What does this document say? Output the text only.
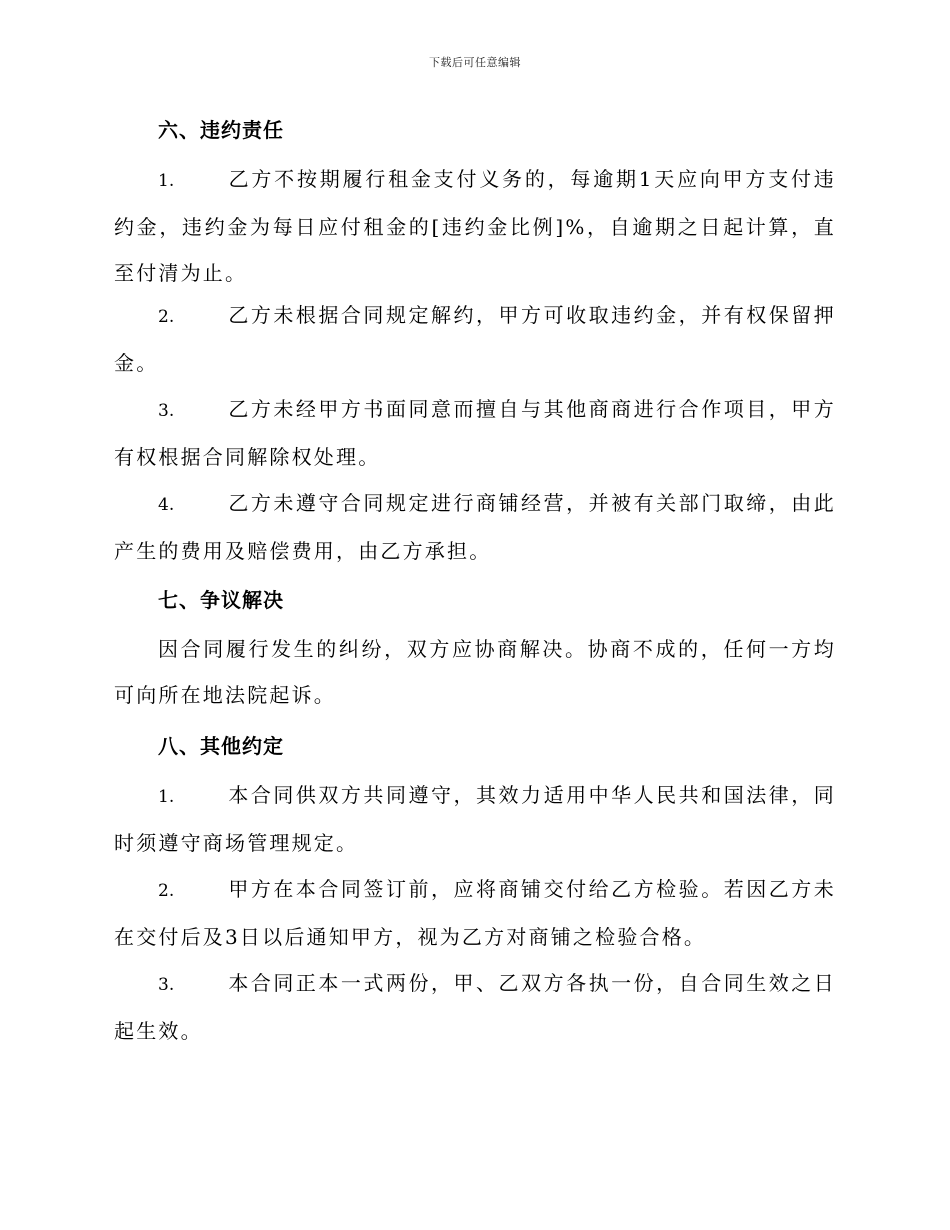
下载后可任意编辑
六、违约责任
1.	乙方不按期履行租金支付义务的，每逾期1天应向甲方支付违约金，违约金为每日应付租金的[违约金比例]%，自逾期之日起计算，直至付清为止。
2.	乙方未根据合同规定解约，甲方可收取违约金，并有权保留押金。
3.	乙方未经甲方书面同意而擅自与其他商商进行合作项目，甲方有权根据合同解除权处理。
4.	乙方未遵守合同规定进行商铺经营，并被有关部门取缔，由此产生的费用及赔偿费用，由乙方承担。
七、争议解决
因合同履行发生的纠纷，双方应协商解决。协商不成的，任何一方均可向所在地法院起诉。
八、其他约定
1.	本合同供双方共同遵守，其效力适用中华人民共和国法律，同时须遵守商场管理规定。
2.	甲方在本合同签订前，应将商铺交付给乙方检验。若因乙方未在交付后及3日以后通知甲方，视为乙方对商铺之检验合格。
3.	本合同正本一式两份，甲、乙双方各执一份，自合同生效之日起生效。
